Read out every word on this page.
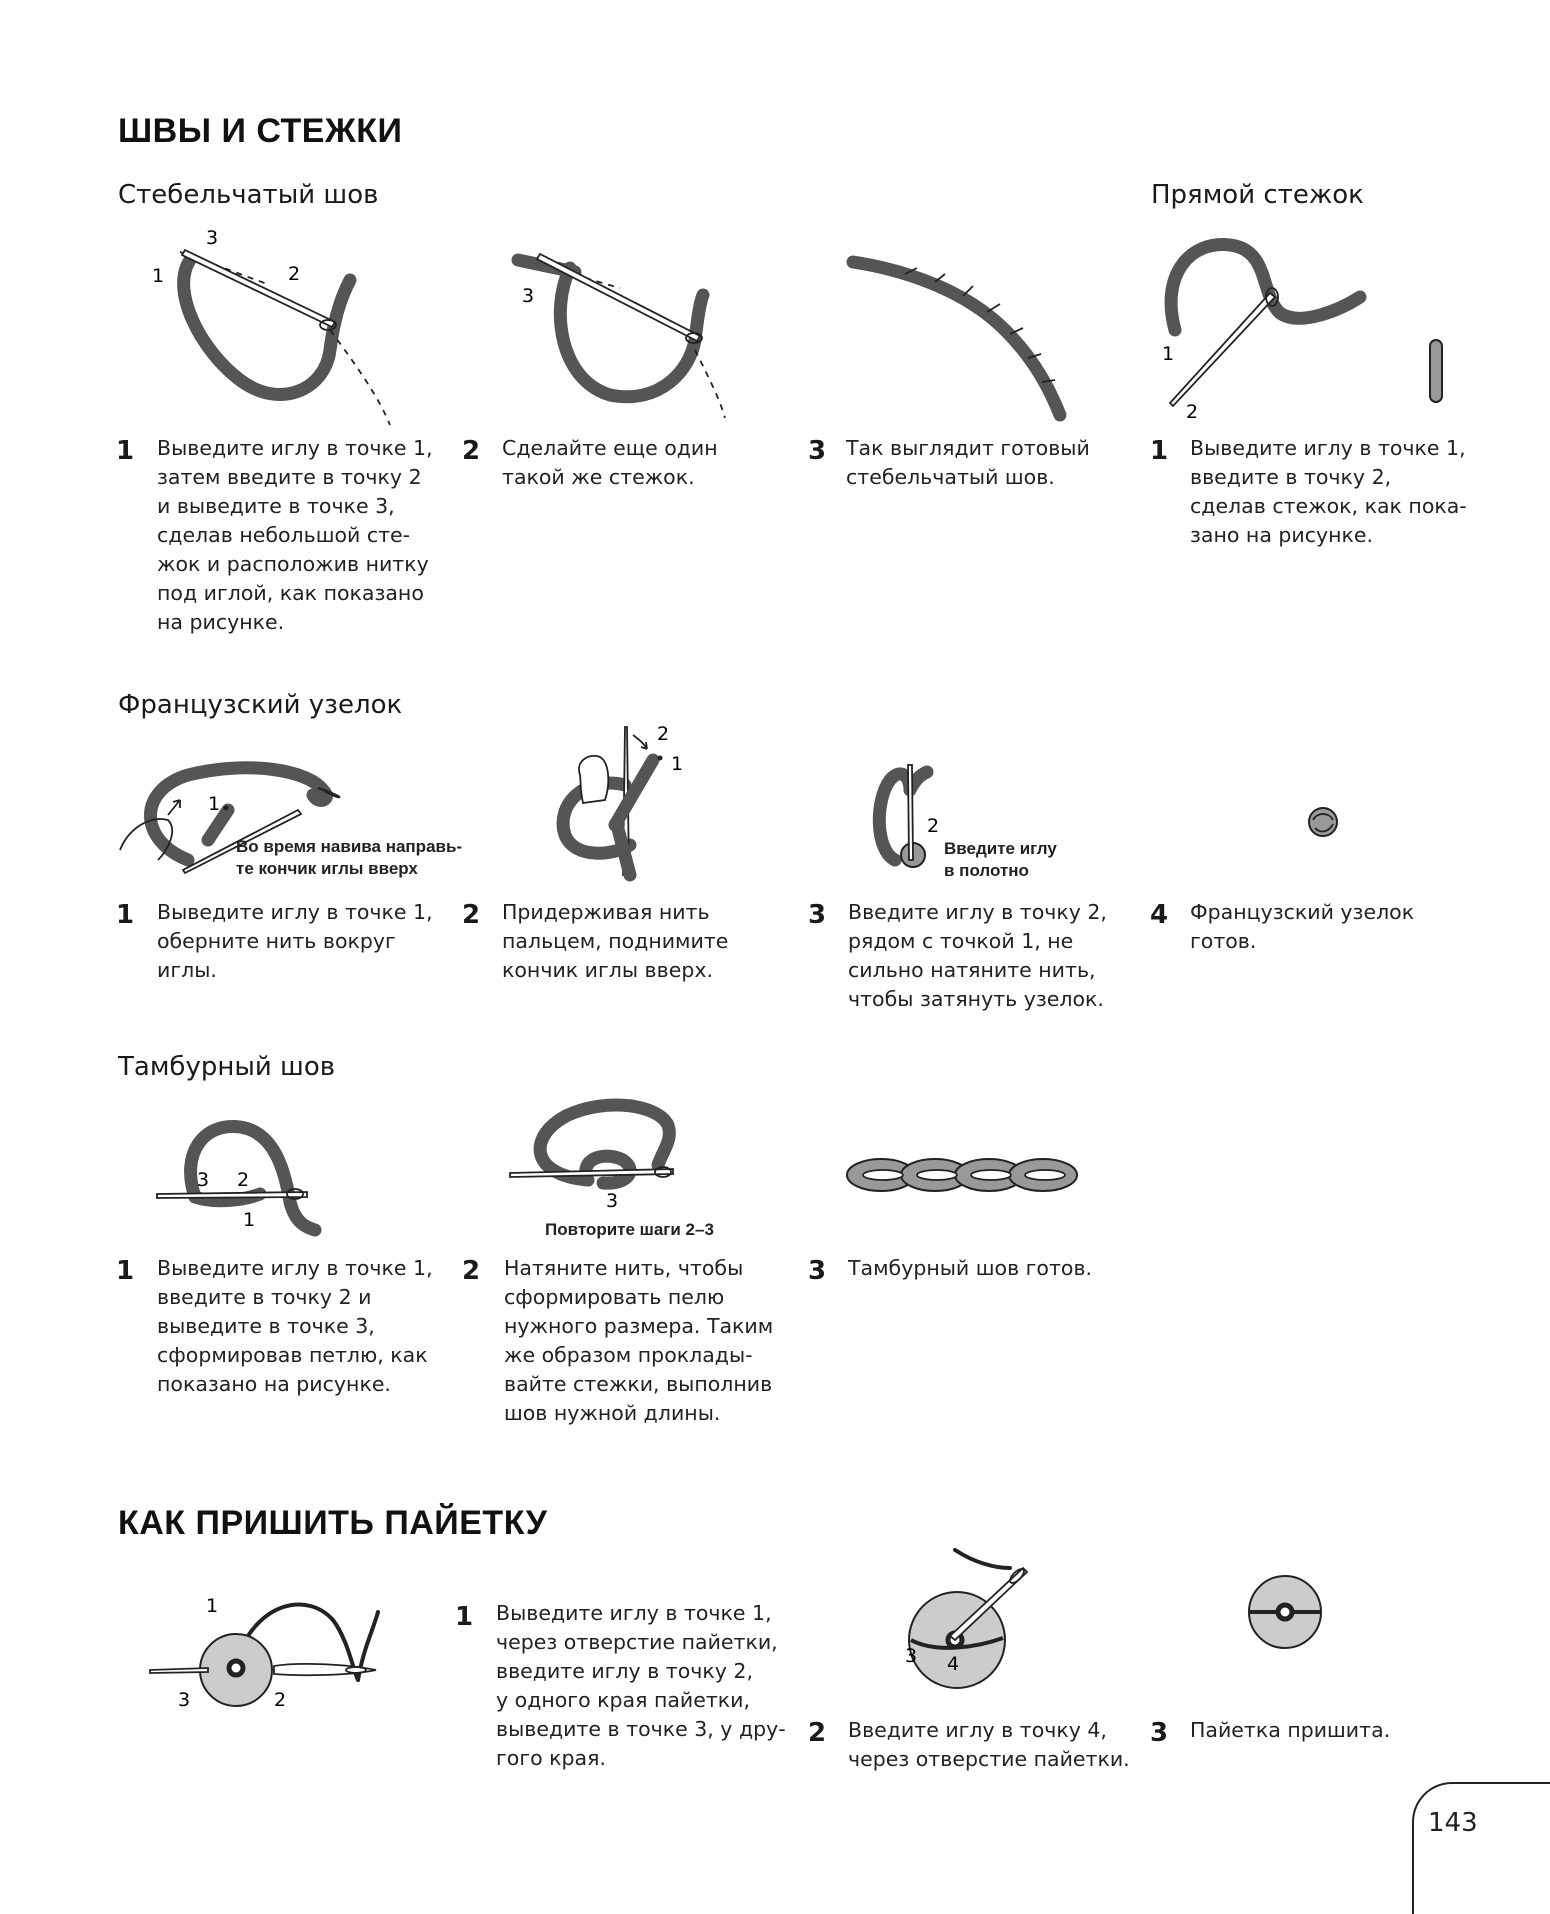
ШВЫ И СТЕЖКИ
Стебельчатый шов	Прямой стежок
1	2
3
3
1
2
1 Выведите иглу в точке 1,
затем введите в точку 2
и выведите в точке 3,
сделав небольшой сте-
жок и расположив нитку
под иглой, как показано
на рисунке.
2 Сделайте еще один
такой же стежок.
3 Так выглядит готовый
стебельчатый шов.
1 Выведите иглу в точке 1,
введите в точку 2,
сделав стежок, как пока-
зано на рисунке.
Французский узелок
1
Во время навива направь-
те кончик иглы вверх
2
1
2
Введите иглу
в полотно
1 Выведите иглу в точке 1,
оберните нить вокруг
иглы.
2 Придерживая нить
пальцем, поднимите
кончик иглы вверх.
3 Введите иглу в точку 2,
рядом с точкой 1, не
сильно натяните нить,
чтобы затянуть узелок.
4 Французский узелок
готов.
Тамбурный шов
3 2
1
3
Повторите шаги 2–3
1 Выведите иглу в точке 1,
введите в точку 2 и
выведите в точке 3,
сформировав петлю, как
показано на рисунке.
2 Натяните нить, чтобы
сформировать пелю
нужного размера. Таким
же образом проклады-
вайте стежки, выполнив
шов нужной длины.
3 Тамбурный шов готов.
КАК ПРИШИТЬ ПАЙЕТКУ
1
3	2
1 Выведите иглу в точке 1,
через отверстие пайетки,
введите иглу в точку 2,
у одного края пайетки,
выведите в точке 3, у дру-
гого края.
3 4
2 Введите иглу в точку 4,
через отверстие пайетки.
3 Пайетка пришита.
143
